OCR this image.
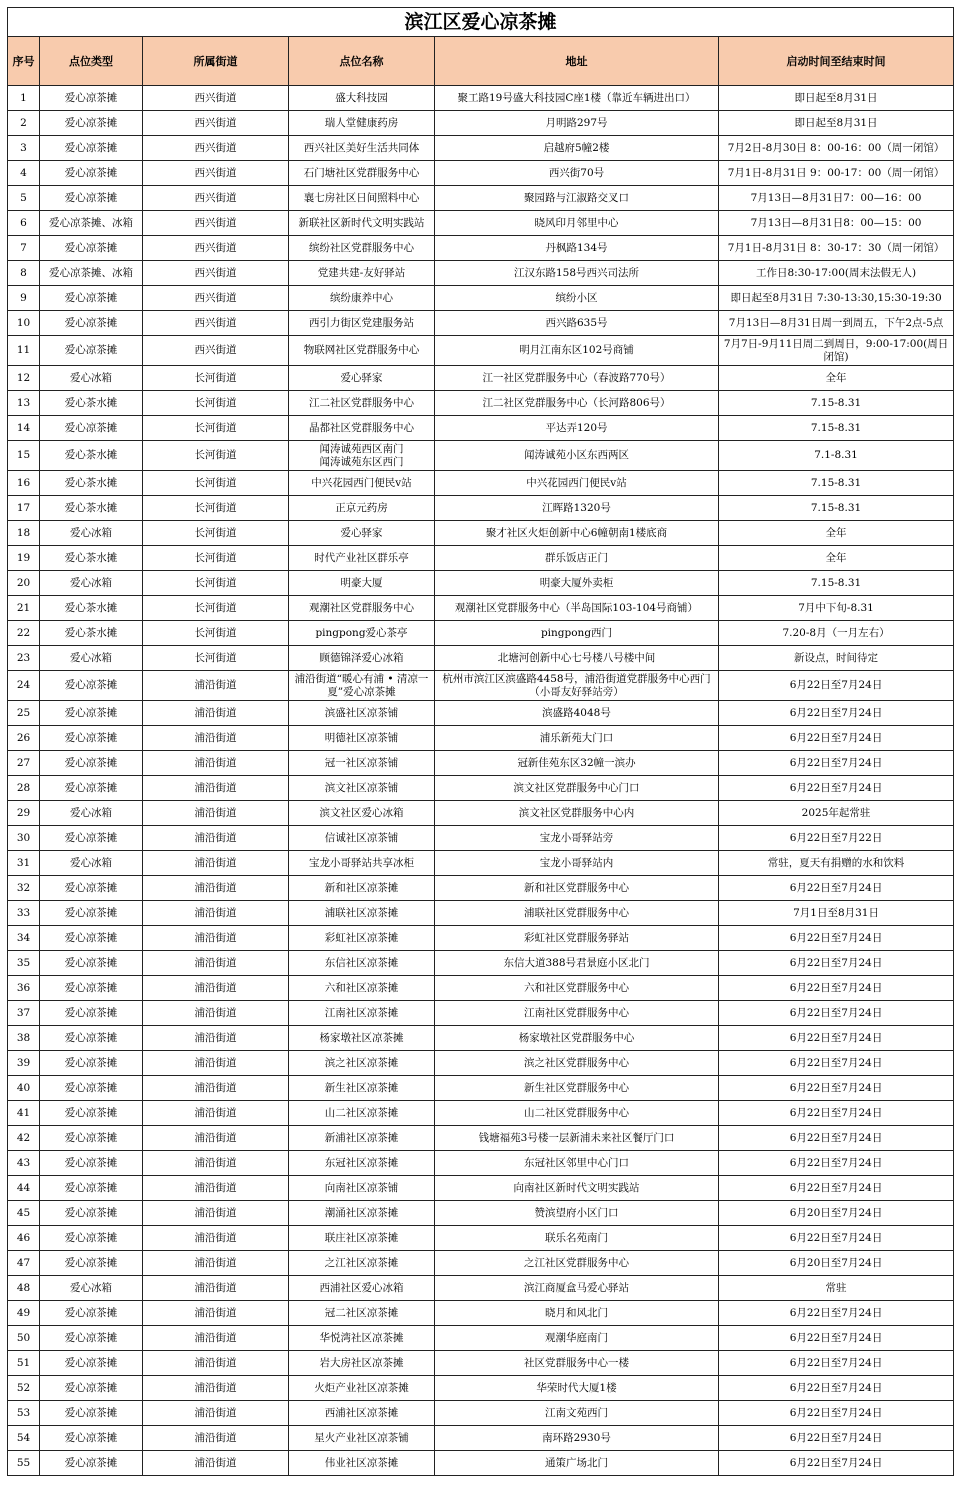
滨江区爱心凉茶摊					
序号	点位类型	所属街道	点位名称	地址	启动时间至结束时间
1	爱心凉茶摊	西兴街道	盛大科技园	聚工路19号盛大科技园C座1楼（靠近车辆进出口）	即日起至8月31日
2	爱心凉茶摊	西兴街道	瑞人堂健康药房	月明路297号	即日起至8月31日
3	爱心凉茶摊	西兴街道	西兴社区美好生活共同体	启越府5幢2楼	7月2日-8月30日 8：00-16：00（周一闭馆）
4	爱心凉茶摊	西兴街道	石门塘社区党群服务中心	西兴街70号	7月1日-8月31日 9：00-17：00（周一闭馆）
5	爱心凉茶摊	西兴街道	襄七房社区日间照料中心	聚园路与江淑路交叉口	7月13日—8月31日7：00—16：00
6	爱心凉茶摊、冰箱	西兴街道	新联社区新时代文明实践站	晓风印月邻里中心	7月13日—8月31日8：00—15：00
7	爱心凉茶摊	西兴街道	缤纷社区党群服务中心	丹枫路134号	7月1日-8月31日 8：30-17：30（周一闭馆）
8	爱心凉茶摊、冰箱	西兴街道	党建共建-友好驿站	江汉东路158号西兴司法所	工作日8:30-17:00(周末法假无人)
9	爱心凉茶摊	西兴街道	缤纷康养中心	缤纷小区	即日起至8月31日 7:30-13:30,15:30-19:30
10	爱心凉茶摊	西兴街道	西引力街区党建服务站	西兴路635号	7月13日—8月31日周一到周五，下午2点-5点
11	爱心凉茶摊	西兴街道	物联网社区党群服务中心	明月江南东区102号商铺	7月7日-9月11日周二到周日，9:00-17:00(周日闭馆)
12	爱心冰箱	长河街道	爱心驿家	江一社区党群服务中心（春波路770号）	全年
13	爱心茶水摊	长河街道	江二社区党群服务中心	江二社区党群服务中心（长河路806号）	7.15-8.31
14	爱心凉茶摊	长河街道	晶都社区党群服务中心	平达弄120号	7.15-8.31
15	爱心茶水摊	长河街道	闻涛诚苑西区南门
闻涛诚苑东区西门	闻涛诚苑小区东西两区	7.1-8.31
16	爱心茶水摊	长河街道	中兴花园西门便民v站	中兴花园西门便民v站	7.15-8.31
17	爱心茶水摊	长河街道	正京元药房	江晖路1320号	7.15-8.31
18	爱心冰箱	长河街道	爱心驿家	聚才社区火炬创新中心6幢朝南1楼底商	全年
19	爱心茶水摊	长河街道	时代产业社区群乐亭	群乐饭店正门	全年
20	爱心冰箱	长河街道	明豪大厦	明豪大厦外卖柜	7.15-8.31
21	爱心茶水摊	长河街道	观潮社区党群服务中心	观潮社区党群服务中心（半岛国际103-104号商铺）	7月中下旬-8.31
22	爱心茶水摊	长河街道	pingpong爱心茶亭	pingpong西门	7.20-8月（一月左右）
23	爱心冰箱	长河街道	顾德锦泽爱心冰箱	北塘河创新中心七号楼八号楼中间	新设点，时间待定
24	爱心凉茶摊	浦沿街道	浦沿街道“暖心有浦 • 清凉一夏”爱心凉茶摊	杭州市滨江区滨盛路4458号，浦沿街道党群服务中心西门（小哥友好驿站旁）	6月22日至7月24日
25	爱心凉茶摊	浦沿街道	滨盛社区凉茶铺	滨盛路4048号	6月22日至7月24日
26	爱心凉茶摊	浦沿街道	明德社区凉茶铺	浦乐新苑大门口	6月22日至7月24日
27	爱心凉茶摊	浦沿街道	冠一社区凉茶铺	冠新佳苑东区32幢一滨办	6月22日至7月24日
28	爱心凉茶摊	浦沿街道	滨文社区凉茶铺	滨文社区党群服务中心门口	6月22日至7月24日
29	爱心冰箱	浦沿街道	滨文社区爱心冰箱	滨文社区党群服务中心内	2025年起常驻
30	爱心凉茶摊	浦沿街道	信诚社区凉茶铺	宝龙小哥驿站旁	6月22日至7月22日
31	爱心冰箱	浦沿街道	宝龙小哥驿站共享冰柜	宝龙小哥驿站内	常驻，夏天有捐赠的水和饮料
32	爱心凉茶摊	浦沿街道	新和社区凉茶摊	新和社区党群服务中心	6月22日至7月24日
33	爱心凉茶摊	浦沿街道	浦联社区凉茶摊	浦联社区党群服务中心	7月1日至8月31日
34	爱心凉茶摊	浦沿街道	彩虹社区凉茶摊	彩虹社区党群服务驿站	6月22日至7月24日
35	爱心凉茶摊	浦沿街道	东信社区凉茶摊	东信大道388号君景庭小区北门	6月22日至7月24日
36	爱心凉茶摊	浦沿街道	六和社区凉茶摊	六和社区党群服务中心	6月22日至7月24日
37	爱心凉茶摊	浦沿街道	江南社区凉茶摊	江南社区党群服务中心	6月22日至7月24日
38	爱心凉茶摊	浦沿街道	杨家墩社区凉茶摊	杨家墩社区党群服务中心	6月22日至7月24日
39	爱心凉茶摊	浦沿街道	滨之社区凉茶摊	滨之社区党群服务中心	6月22日至7月24日
40	爱心凉茶摊	浦沿街道	新生社区凉茶摊	新生社区党群服务中心	6月22日至7月24日
41	爱心凉茶摊	浦沿街道	山二社区凉茶摊	山二社区党群服务中心	6月22日至7月24日
42	爱心凉茶摊	浦沿街道	新浦社区凉茶摊	钱塘福苑3号楼一层新浦未来社区餐厅门口	6月22日至7月24日
43	爱心凉茶摊	浦沿街道	东冠社区凉茶摊	东冠社区邻里中心门口	6月22日至7月24日
44	爱心凉茶摊	浦沿街道	向南社区凉茶铺	向南社区新时代文明实践站	6月22日至7月24日
45	爱心凉茶摊	浦沿街道	潮涌社区凉茶摊	赞滨望府小区门口	6月20日至7月24日
46	爱心凉茶摊	浦沿街道	联庄社区凉茶摊	联乐名苑南门	6月22日至7月24日
47	爱心凉茶摊	浦沿街道	之江社区凉茶摊	之江社区党群服务中心	6月20日至7月24日
48	爱心冰箱	浦沿街道	西浦社区爱心冰箱	滨江商厦盒马爱心驿站	常驻
49	爱心凉茶摊	浦沿街道	冠二社区凉茶摊	晓月和风北门	6月22日至7月24日
50	爱心凉茶摊	浦沿街道	华悦湾社区凉茶摊	观潮华庭南门	6月22日至7月24日
51	爱心凉茶摊	浦沿街道	岩大房社区凉茶摊	社区党群服务中心一楼	6月22日至7月24日
52	爱心凉茶摊	浦沿街道	火炬产业社区凉茶摊	华荣时代大厦1楼	6月22日至7月24日
53	爱心凉茶摊	浦沿街道	西浦社区凉茶摊	江南文苑西门	6月22日至7月24日
54	爱心凉茶摊	浦沿街道	星火产业社区凉茶铺	南环路2930号	6月22日至7月24日
55	爱心凉茶摊	浦沿街道	伟业社区凉茶摊	通策广场北门	6月22日至7月24日
